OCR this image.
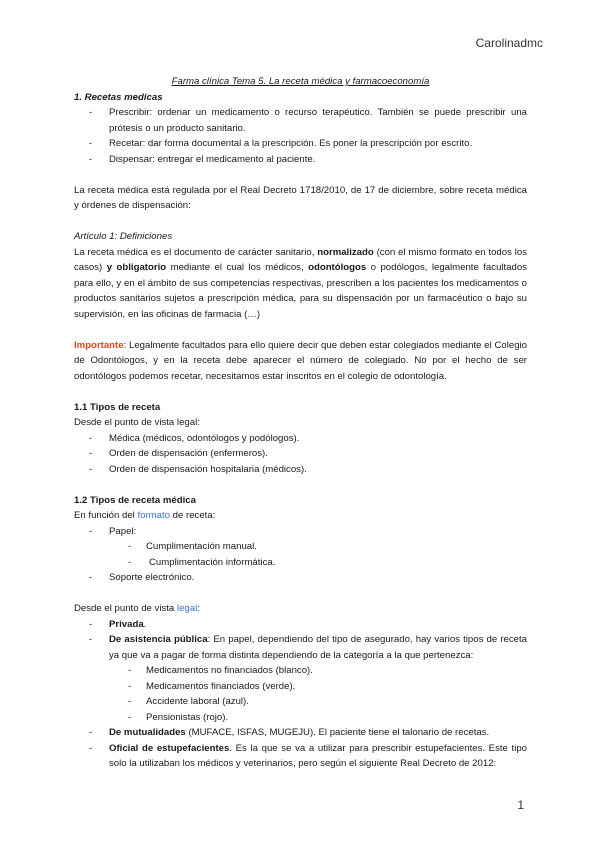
Carolinadmc

Farma clínica Tema 5. La receta médica y farmacoeconomía

1. Recetas medicas

- Prescribir: ordenar un medicamento o recurso terapéutico. También se puede prescribir una prótesis o un producto sanitario.
- Recetar: dar forma documental a la prescripción. Es poner la prescripción por escrito.
- Dispensar: entregar el medicamento al paciente.

La receta médica está regulada por el Real Decreto 1718/2010, de 17 de diciembre, sobre receta médica y órdenes de dispensación:

Artículo 1: Definiciones

La receta médica es el documento de carácter sanitario, normalizado (con el mismo formato en todos los casos) y obligatorio mediante el cual los médicos, odontólogos o podólogos, legalmente facultados para ello, y en el ámbito de sus competencias respectivas, prescriben a los pacientes los medicamentos o productos sanitarios sujetos a prescripción médica, para su dispensación por un farmacéutico o bajo su supervisión, en las oficinas de farmacia (…)

Importante: Legalmente facultados para ello quiere decir que deben estar colegiados mediante el Colegio de Odontólogos, y en la receta debe aparecer el número de colegiado. No por el hecho de ser odontólogos podemos recetar, necesitamos estar inscritos en el colegio de odontología.

1.1 Tipos de receta

Desde el punto de vista legal:

- Médica (médicos, odontólogos y podólogos).
- Orden de dispensación (enfermeros).
- Orden de dispensación hospitalaria (médicos).

1.2 Tipos de receta médica

En función del formato de receta:

- Papel:
- Cumplimentación manual.
- Cumplimentación informática.
- Soporte electrónico.

Desde el punto de vista legal:

- Privada.
- De asistencia pública: En papel, dependiendo del tipo de asegurado, hay varios tipos de receta ya que va a pagar de forma distinta dependiendo de la categoría a la que pertenezca:
- Medicamentos no financiados (blanco).
- Medicamentos financiados (verde).
- Accidente laboral (azul).
- Pensionistas (rojo).
- De mutualidades (MUFACE, ISFAS, MUGEJU). El paciente tiene el talonario de recetas.
- Oficial de estupefacientes. Es la que se va a utilizar para prescribir estupefacientes. Este tipo solo la utilizaban los médicos y veterinarios, pero según el siguiente Real Decreto de 2012:
1
